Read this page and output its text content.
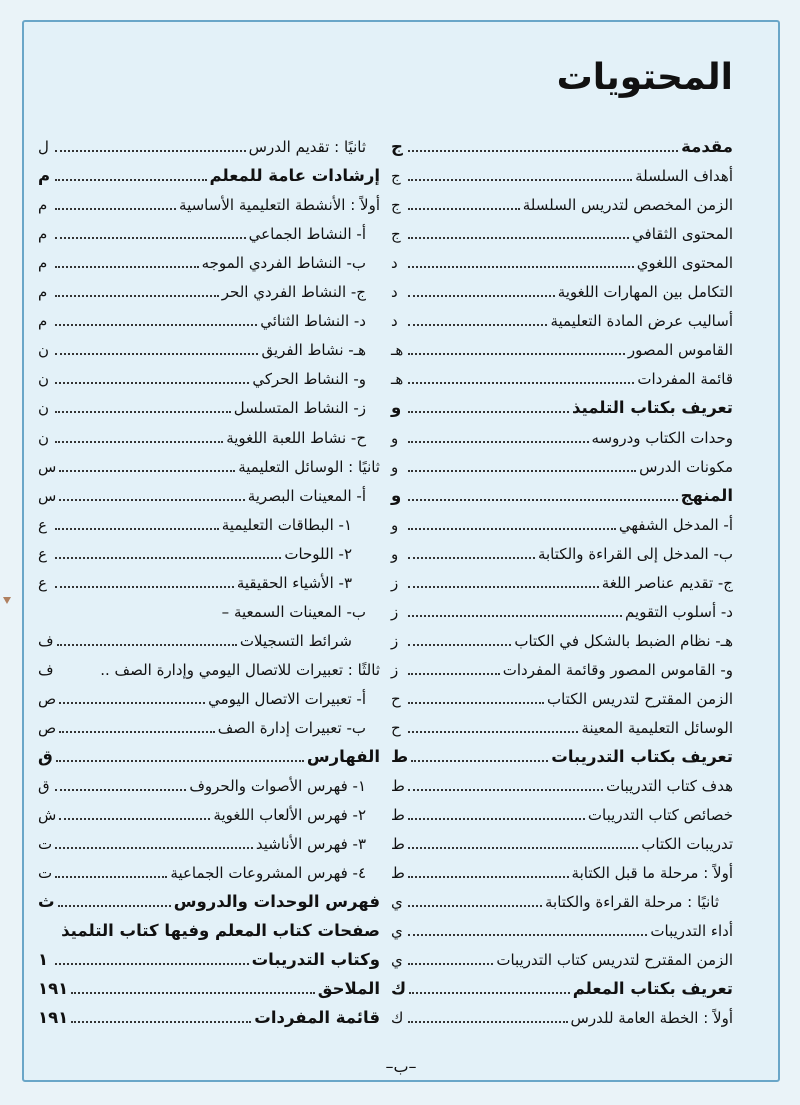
المحتويات
مقدمة
ج
أهداف السلسلة
ج
الزمن المخصص لتدريس السلسلة
ج
المحتوى الثقافي
ج
المحتوى اللغوي
د
التكامل بين المهارات اللغوية
د
أساليب عرض المادة التعليمية
د
القاموس المصور
هـ
قائمة المفردات
هـ
تعريف بكتاب التلميذ
و
وحدات الكتاب ودروسه
و
مكونات الدرس
و
المنهج
و
أ- المدخل الشفهي
و
ب- المدخل إلى القراءة والكتابة
و
ج- تقديم عناصر اللغة
ز
د- أسلوب التقويم
ز
هـ- نظام الضبط بالشكل في الكتاب
ز
و- القاموس المصور وقائمة المفردات
ز
الزمن المقترح لتدريس الكتاب
ح
الوسائل التعليمية المعينة
ح
تعريف بكتاب التدريبات
ط
هدف كتاب التدريبات
ط
خصائص كتاب التدريبات
ط
تدريبات الكتاب
ط
أولاً : مرحلة ما قبل الكتابة
ط
ثانيًا : مرحلة القراءة والكتابة
ي
أداء التدريبات
ي
الزمن المقترح لتدريس كتاب التدريبات
ي
تعريف بكتاب المعلم
ك
أولاً : الخطة العامة للدرس
ك
ثانيًا : تقديم الدرس
ل
إرشادات عامة للمعلم
م
أولاً : الأنشطة التعليمية الأساسية
م
أ- النشاط الجماعي
م
ب- النشاط الفردي الموجه
م
ج- النشاط الفردي الحر
م
د- النشاط الثنائي
م
هـ- نشاط الفريق
ن
و- النشاط الحركي
ن
ز- النشاط المتسلسل
ن
ح- نشاط اللعبة اللغوية
ن
ثانيًا : الوسائل التعليمية
س
أ- المعينات البصرية
س
١- البطاقات التعليمية
ع
٢- اللوحات
ع
٣- الأشياء الحقيقية
ع
ب- المعينات السمعية –
شرائط التسجيلات
ف
ثالثًا : تعبيرات للاتصال اليومي وإدارة الصف ..
ف
أ- تعبيرات الاتصال اليومي
ص
ب- تعبيرات إدارة الصف
ص
الفهارس
ق
١- فهرس الأصوات والحروف
ق
٢- فهرس الألعاب اللغوية
ش
٣- فهرس الأناشيد
ت
٤- فهرس المشروعات الجماعية
ت
فهرس الوحدات والدروس
ث
صفحات كتاب المعلم وفيها كتاب التلميذ
وكتاب التدريبات
١
الملاحق
١٩١
قائمة المفردات
١٩١
–ب–
